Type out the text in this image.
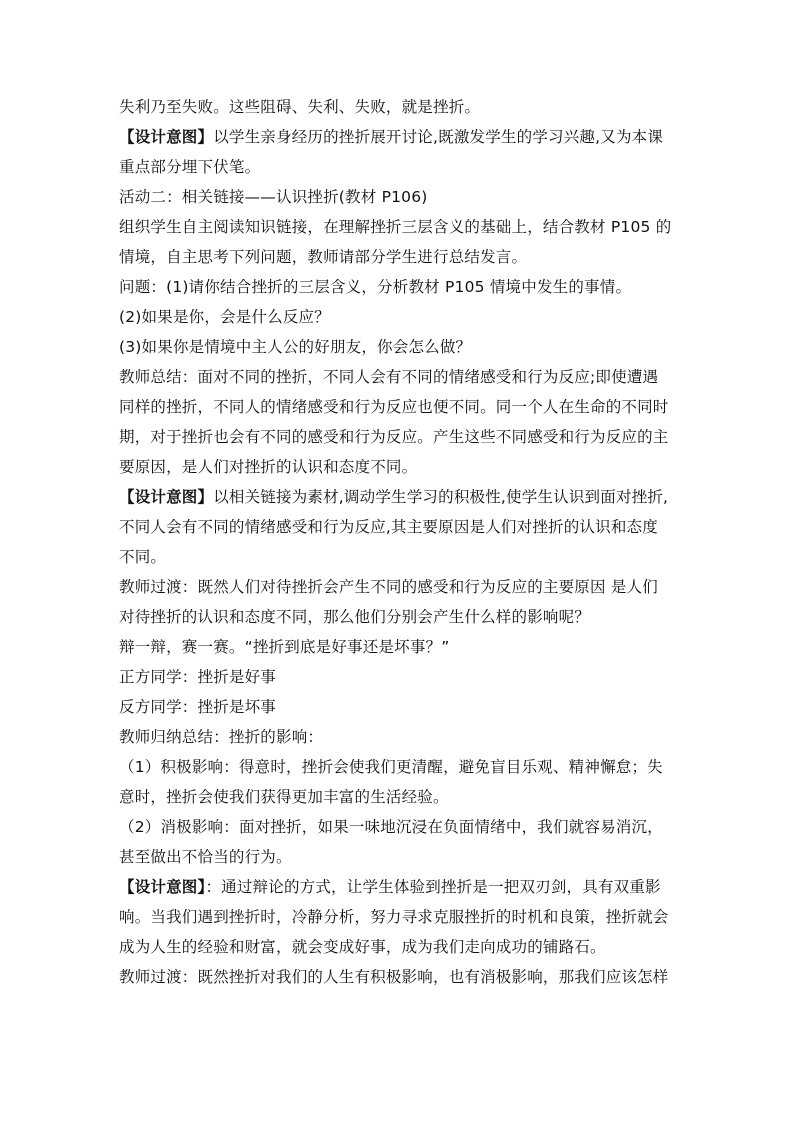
失利乃至失败。这些阻碍、失利、失败，就是挫折。
【设计意图】以学生亲身经历的挫折展开讨论,既激发学生的学习兴趣,又为本课
重点部分埋下伏笔。
活动二：相关链接——认识挫折(教材 P106)
组织学生自主阅读知识链接，在理解挫折三层含义的基础上，结合教材 P105 的
情境，自主思考下列问题，教师请部分学生进行总结发言。
问题：(1)请你结合挫折的三层含义，分析教材 P105 情境中发生的事情。
(2)如果是你，会是什么反应？
(3)如果你是情境中主人公的好朋友，你会怎么做？
教师总结：面对不同的挫折，不同人会有不同的情绪感受和行为反应;即使遭遇
同样的挫折，不同人的情绪感受和行为反应也便不同。同一个人在生命的不同时
期，对于挫折也会有不同的感受和行为反应。产生这些不同感受和行为反应的主
要原因，是人们对挫折的认识和态度不同。
【设计意图】以相关链接为素材,调动学生学习的积极性,使学生认识到面对挫折,
不同人会有不同的情绪感受和行为反应,其主要原因是人们对挫折的认识和态度
不同。
教师过渡：既然人们对待挫折会产生不同的感受和行为反应的主要原因 是人们
对待挫折的认识和态度不同，那么他们分别会产生什么样的影响呢？
辩一辩，赛一赛。“挫折到底是好事还是坏事？”
正方同学：挫折是好事
反方同学：挫折是坏事
教师归纳总结：挫折的影响：
（1）积极影响：得意时，挫折会使我们更清醒，避免盲目乐观、精神懈怠；失
意时，挫折会使我们获得更加丰富的生活经验。
（2）消极影响：面对挫折，如果一味地沉浸在负面情绪中，我们就容易消沉，
甚至做出不恰当的行为。
【设计意图】：通过辩论的方式，让学生体验到挫折是一把双刃剑，具有双重影
响。当我们遇到挫折时，冷静分析，努力寻求克服挫折的时机和良策，挫折就会
成为人生的经验和财富，就会变成好事，成为我们走向成功的铺路石。
教师过渡：既然挫折对我们的人生有积极影响，也有消极影响，那我们应该怎样
